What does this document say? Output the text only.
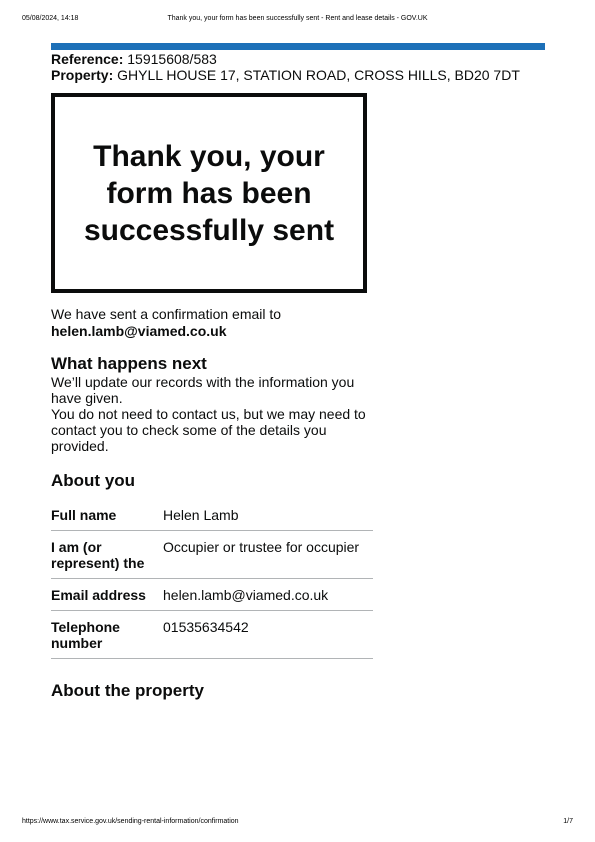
05/08/2024, 14:18	Thank you, your form has been successfully sent - Rent and lease details - GOV.UK
Reference: 15915608/583
Property: GHYLL HOUSE 17, STATION ROAD, CROSS HILLS, BD20 7DT
Thank you, your form has been successfully sent
We have sent a confirmation email to
helen.lamb@viamed.co.uk
What happens next

We’ll update our records with the information you have given.

You do not need to contact us, but we may need to contact you to check some of the details you provided.

About you
Full name	Helen Lamb
I am (or represent) the	Occupier or trustee for occupier
Email address	helen.lamb@viamed.co.uk
Telephone number	01535634542
About the property
https://www.tax.service.gov.uk/sending-rental-information/confirmation	1/7
